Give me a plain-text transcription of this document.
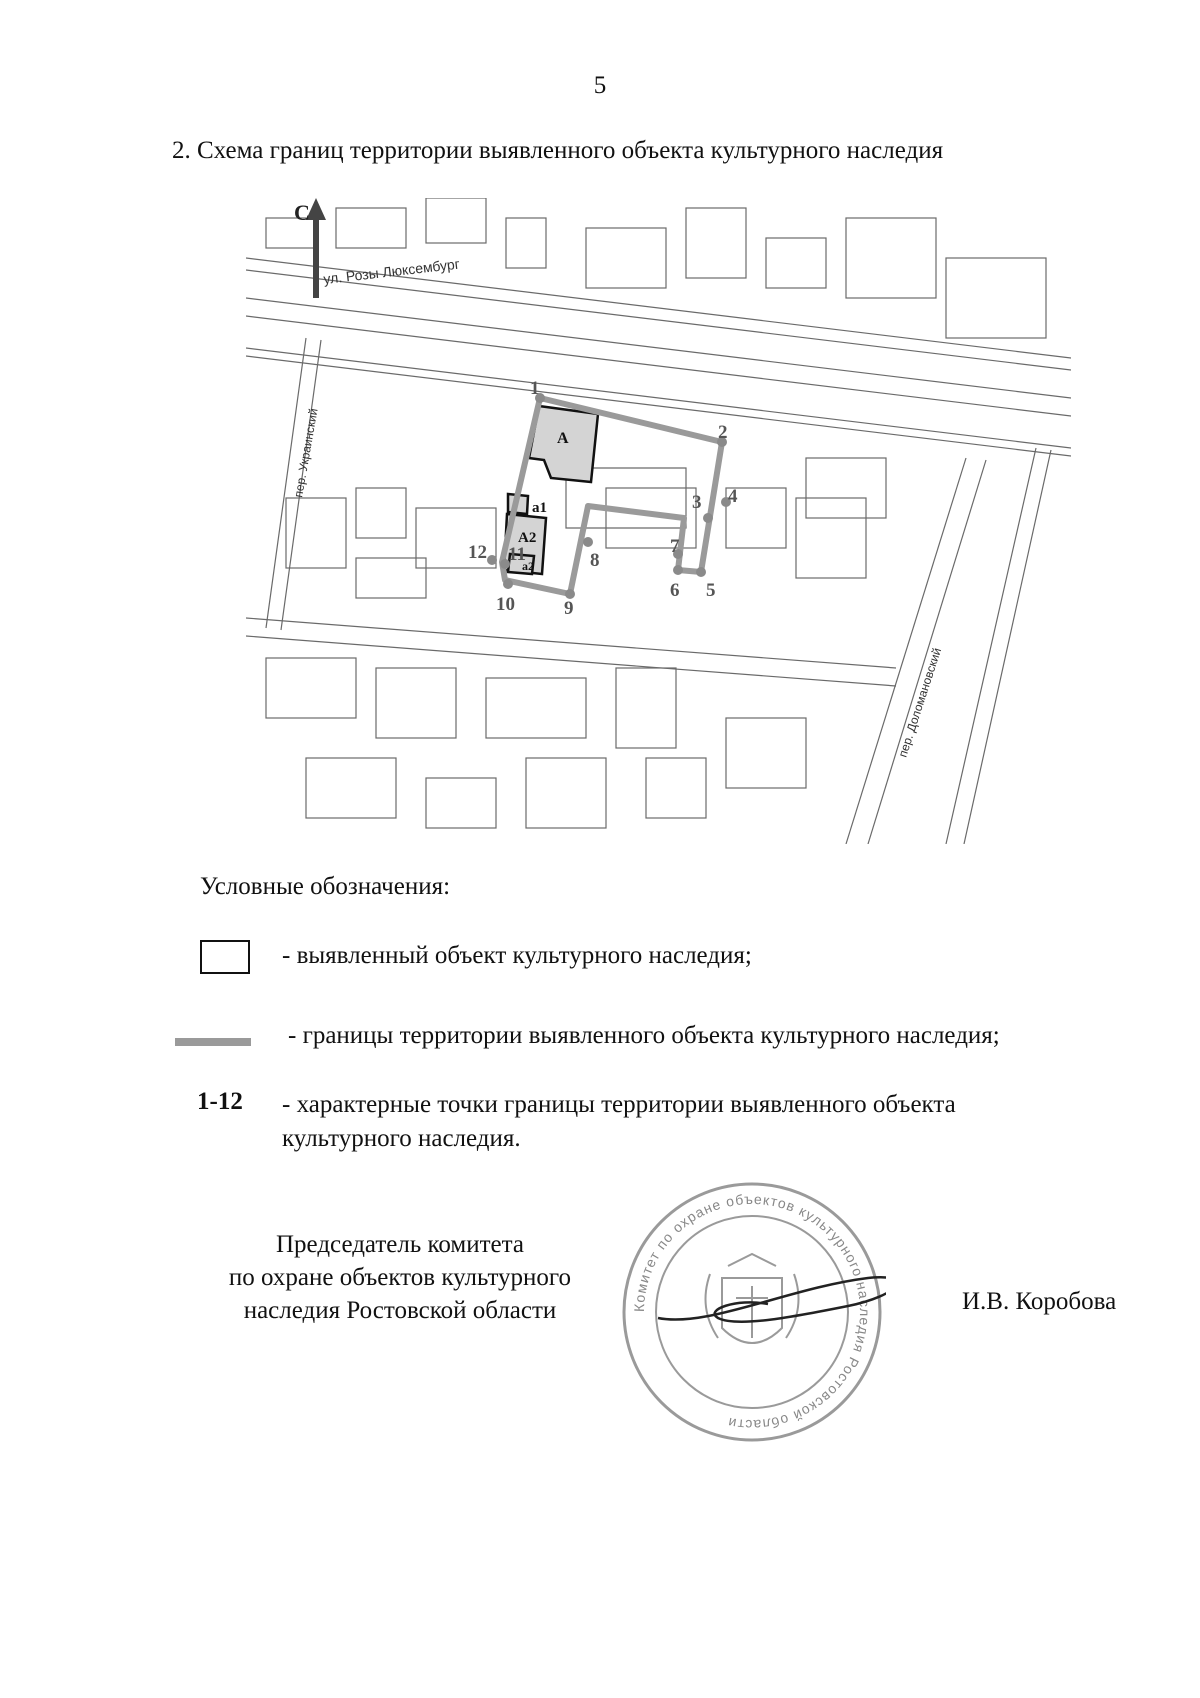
5
2. Схема границ территории выявленного объекта культурного наследия
С
ул. Розы Люксембург
пер. Украинский
пер. Доломановский
А
А2
а1
а2
1
2
3 4
5
6
7
8
9
10
11
12
Условные обозначения:
- выявленный объект культурного наследия;
- границы территории выявленного объекта культурного наследия;
1-12 - характерные точки границы территории выявленного объекта культурного наследия.
Председатель комитета
по охране объектов культурного
наследия Ростовской области	Комитет по охране объектов культурного наследия Ростовской области
И.В. Коробова
